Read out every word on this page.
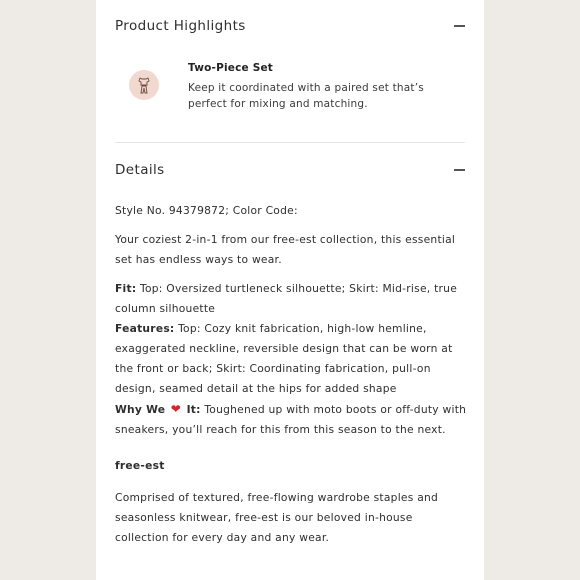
Product Highlights
Two-Piece Set
Keep it coordinated with a paired set that’s perfect for mixing and matching.
Details

Style No. 94379872; Color Code:

Your coziest 2-in-1 from our free-est collection, this essential set has endless ways to wear.

Fit: Top: Oversized turtleneck silhouette; Skirt: Mid-rise, true column silhouette

Features: Top: Cozy knit fabrication, high-low hemline, exaggerated neckline, reversible design that can be worn at the front or back; Skirt: Coordinating fabrication, pull-on design, seamed detail at the hips for added shape

Why We ❤ It: Toughened up with moto boots or off-duty with sneakers, you’ll reach for this from this season to the next.

free-est

Comprised of textured, free-flowing wardrobe staples and seasonless knitwear, free-est is our beloved in-house collection for every day and any wear.
